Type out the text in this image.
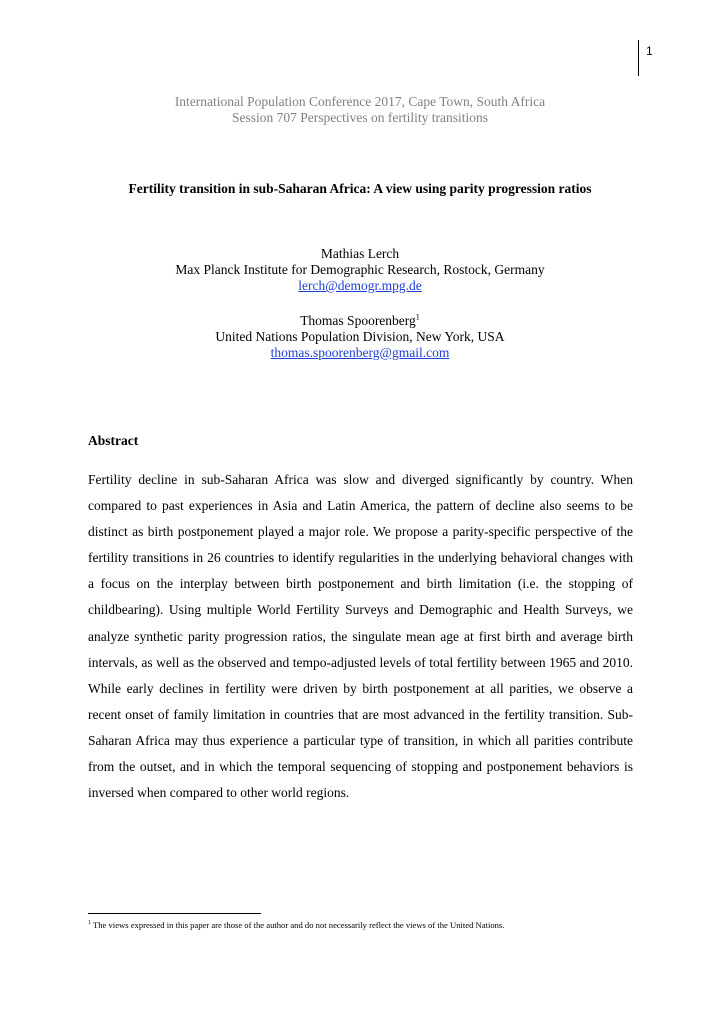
1
International Population Conference 2017, Cape Town, South Africa
Session 707 Perspectives on fertility transitions
Fertility transition in sub-Saharan Africa: A view using parity progression ratios
Mathias Lerch
Max Planck Institute for Demographic Research, Rostock, Germany
lerch@demogr.mpg.de
Thomas Spoorenberg$^1$
United Nations Population Division, New York, USA
thomas.spoorenberg@gmail.com
Abstract

Fertility decline in sub-Saharan Africa was slow and diverged significantly by country. When compared to past experiences in Asia and Latin America, the pattern of decline also seems to be distinct as birth postponement played a major role. We propose a parity-specific perspective of the fertility transitions in 26 countries to identify regularities in the underlying behavioral changes with a focus on the interplay between birth postponement and birth limitation (i.e. the stopping of childbearing). Using multiple World Fertility Surveys and Demographic and Health Surveys, we analyze synthetic parity progression ratios, the singulate mean age at first birth and average birth intervals, as well as the observed and tempo-adjusted levels of total fertility between 1965 and 2010. While early declines in fertility were driven by birth postponement at all parities, we observe a recent onset of family limitation in countries that are most advanced in the fertility transition. Sub-Saharan Africa may thus experience a particular type of transition, in which all parities contribute from the outset, and in which the temporal sequencing of stopping and postponement behaviors is inversed when compared to other world regions.

$^1$ The views expressed in this paper are those of the author and do not necessarily reflect the views of the United Nations.
